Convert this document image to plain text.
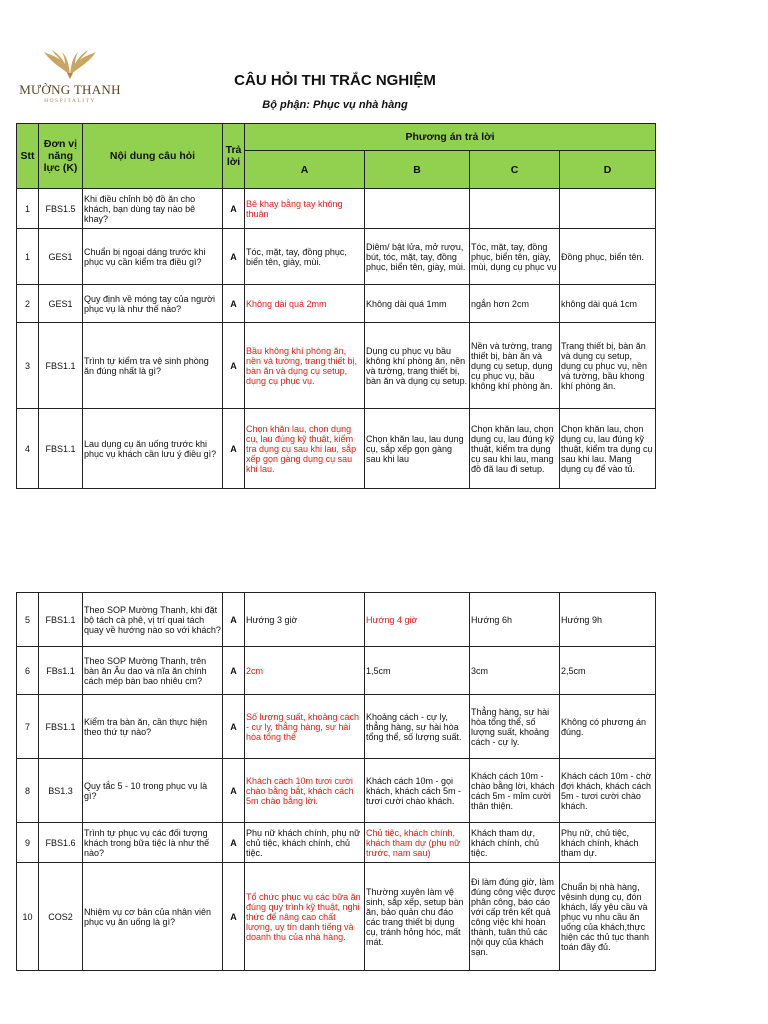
MƯỜNG THANH
HOSPITALITY
CÂU HỎI THI TRẮC NGHIỆM
Bộ phận: Phục vụ nhà hàng
Stt	Đơn vị năng lực (K)	Nội dung câu hỏi	Trả lời	Phương án trả lời			
				A	B	C	D
1	FBS1.5	Khi điều chỉnh bộ đồ ăn cho khách, bạn dùng tay nào bê khay?	A	Bê khay bằng tay không thuận			
1	GES1	Chuẩn bị ngoại dáng trước khi phục vụ cần kiểm tra điều gì?	A	Tóc, mặt, tay, đồng phục, biển tên, giày, mùi.	Diêm/ bật lửa, mở rượu, bút, tóc, mặt, tay, đồng phục, biển tên, giày, mùi.	Tóc, mặt, tay, đồng phục, biển tên, giày, mùi, dụng cụ phục vụ	Đồng phục, biển tên.
2	GES1	Quy định về móng tay của người phục vụ là như thế nào?	A	Không dài quá 2mm	Không dài quá 1mm	ngắn hơn 2cm	không dài quá 1cm
3	FBS1.1	Trình tự kiểm tra vệ sinh phòng ăn đúng nhất là gì?	A	Bầu không khí phòng ăn, nền và tường, trang thiết bị, bàn ăn và dụng cụ setup, dụng cụ phục vụ.	Dụng cụ phục vụ bầu không khí phòng ăn, nền và tường, trang thiết bị, bàn ăn và dụng cụ setup.	Nền và tường, trang thiết bị, bàn ăn và dụng cụ setup, dụng cụ phục vụ, bầu không khí phòng ăn.	Trang thiết bị, bàn ăn và dụng cụ setup, dụng cụ phục vụ, nền và tường, bầu khong khí phòng ăn.
4	FBS1.1	Lau dụng cụ ăn uống trước khi phục vụ khách cần lưu ý điều gì?	A	Chọn khăn lau, chọn dụng cụ, lau đúng kỹ thuật, kiểm tra dụng cụ sau khi lau, sắp xếp gọn gàng dụng cụ sau khi lau.	Chọn khăn lau, lau dụng cụ, sắp xếp gọn gàng sau khi lau	Chọn khăn lau, chọn dụng cụ, lau đúng kỹ thuật, kiểm tra dụng cụ sau khi lau, mang đồ đã lau đi setup.	Chọn khăn lau, chọn dụng cụ, lau đúng kỹ thuật, kiểm tra dụng cụ sau khi lau. Mang dụng cụ để vào tủ.
5	FBS1.1	Theo SOP Mường Thanh, khi đặt bộ tách cà phê, vị trí quai tách quay về hướng nào so với khách?	A	Hướng 3 giờ	Hướng 4 giờ	Hướng 6h	Hướng 9h
6	FBs1.1	Theo SOP Mường Thanh, trên bàn ăn Âu dao và nĩa ăn chính cách mép bàn bao nhiêu cm?	A	2cm	1,5cm	3cm	2,5cm
7	FBS1.1	Kiểm tra bàn ăn, cần thực hiện theo thứ tự nào?	A	Số lượng suất, khoảng cách - cự ly, thẳng hàng, sự hài hòa tổng thể	Khoảng cách - cự ly, thẳng hàng, sự hài hòa tổng thể, số lượng suất.	Thẳng hàng, sự hài hòa tổng thể, số lượng suất, khoảng cách - cự ly.	Không có phương án đúng.
8	BS1.3	Quy tắc 5 - 10 trong phục vụ là gì?	A	Khách cách 10m tươi cười chào bằng bắt, khách cách 5m chào bằng lời.	Khách cách 10m - gọi khách, khách cách 5m - tươi cười chào khách.	Khách cách 10m - chào bằng lời, khách cách 5m - mỉm cười thân thiện.	Khách cách 10m - chờ đợi khách, khách cách 5m - tươi cười chào khách.
9	FBS1.6	Trình tự phục vụ các đối tượng khách trong bữa tiệc là như thế nào?	A	Phụ nữ khách chính, phụ nữ chủ tiệc, khách chính, chủ tiệc.	Chủ tiệc, khách chính, khách tham dự (phụ nữ trước, nam sau)	Khách tham dự, khách chính, chủ tiệc.	Phụ nữ, chủ tiệc, khách chính, khách tham dự.
10	COS2	Nhiệm vụ cơ bản của nhân viên phục vụ ăn uống là gì?	A	Tổ chức phục vụ các bữa ăn đúng quy trình kỹ thuật, nghi thức để nâng cao chất lượng, uy tín danh tiếng và doanh thu của nhà hàng.	Thường xuyên làm vệ sinh, sắp xếp, setup bàn ăn, bảo quản chu đáo các trang thiết bị dụng cụ, tránh hỏng hóc, mất mát.	Đi làm đúng giờ, làm đúng công việc được phân công, báo cáo với cấp trên kết quả công việc khi hoàn thành, tuân thủ các nội quy của khách sạn.	Chuẩn bị nhà hàng, vệsinh dụng cụ, đón khách, lấy yêu cầu và phục vụ nhu cầu ăn uống của khách,thực hiện các thủ tục thanh toán đầy đủ.
